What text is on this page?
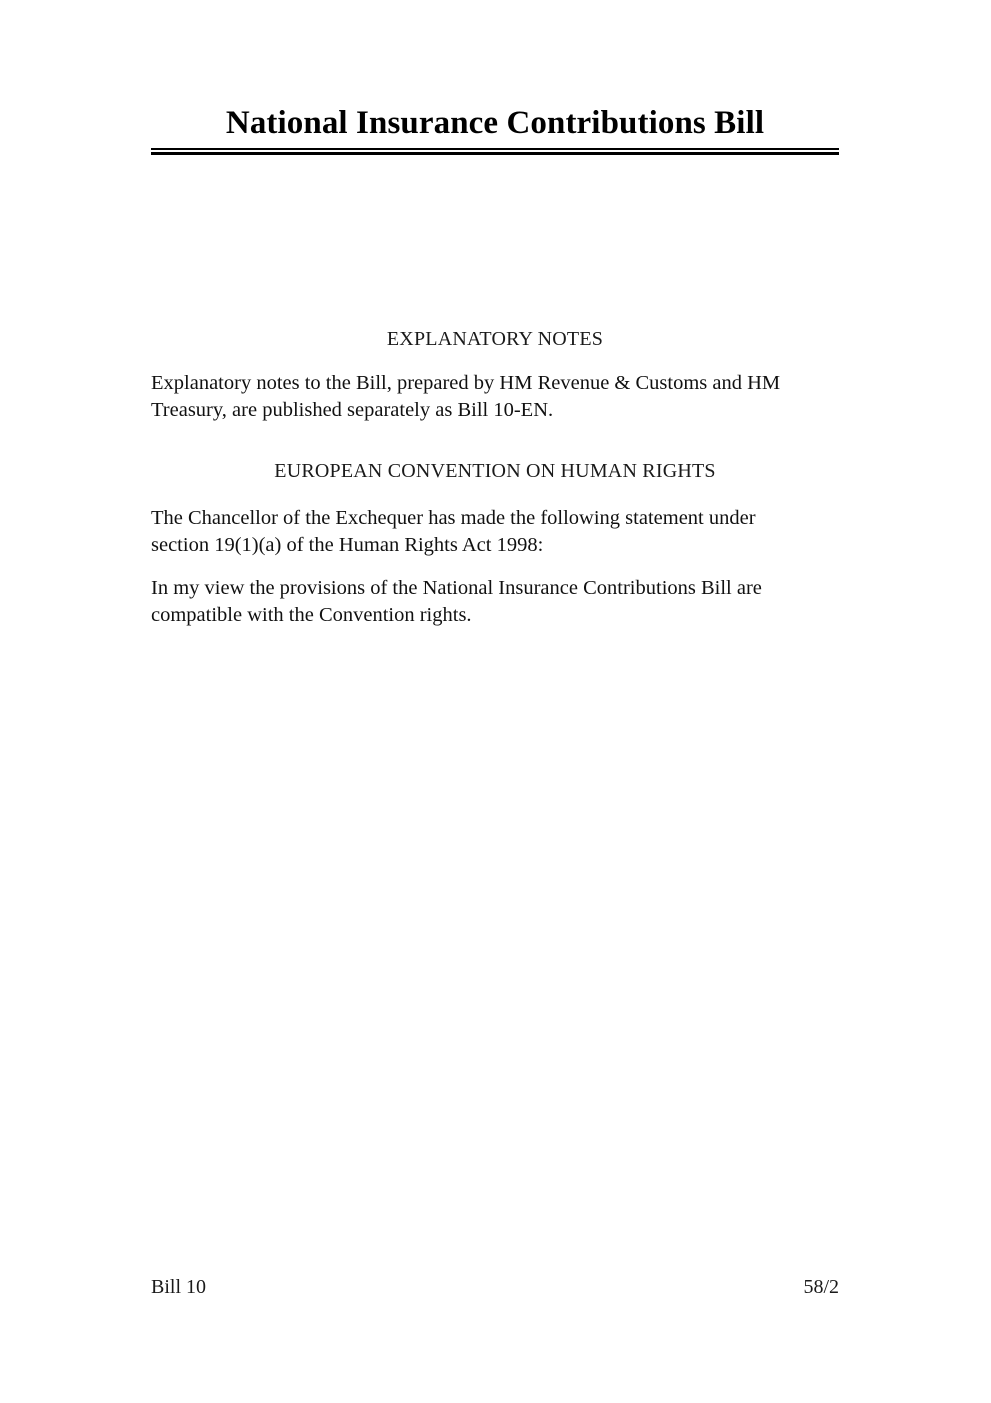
National Insurance Contributions Bill
EXPLANATORY NOTES
Explanatory notes to the Bill, prepared by HM Revenue & Customs and HM Treasury, are published separately as Bill 10-EN.
EUROPEAN CONVENTION ON HUMAN RIGHTS
The Chancellor of the Exchequer has made the following statement under section 19(1)(a) of the Human Rights Act 1998:
In my view the provisions of the National Insurance Contributions Bill are compatible with the Convention rights.
Bill 10	58/2
